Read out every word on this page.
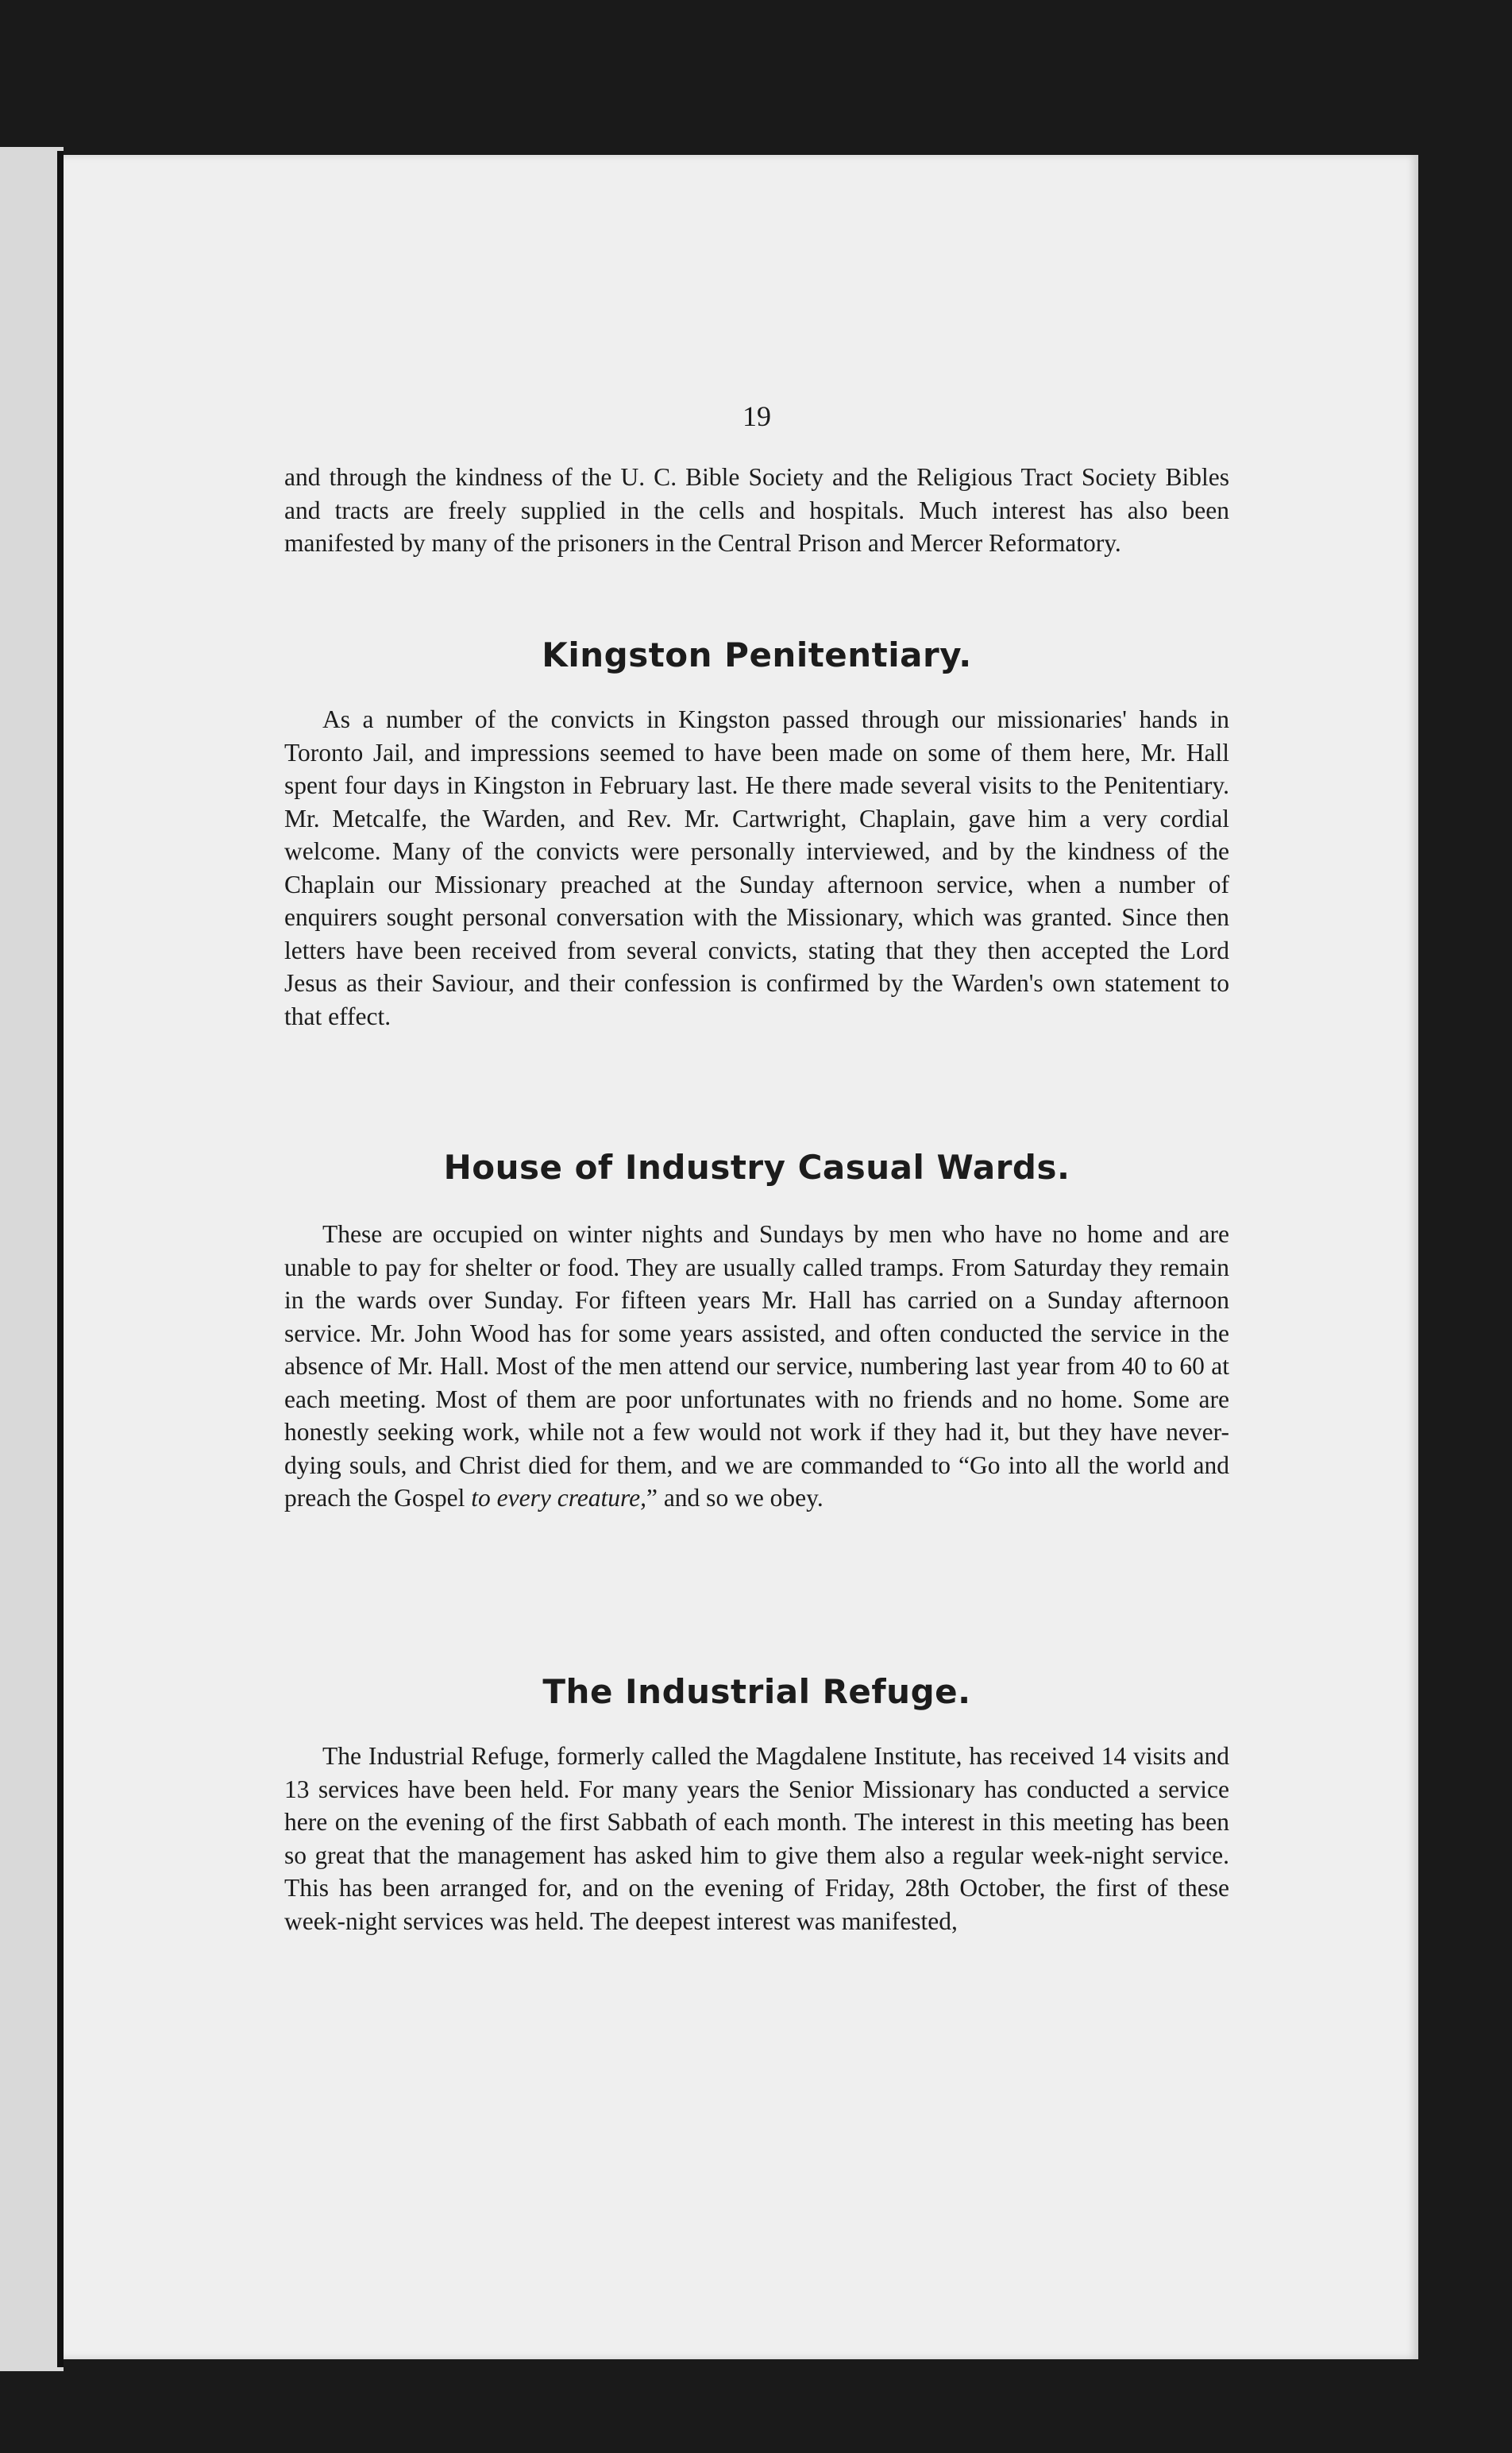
19

and through the kindness of the U. C. Bible Society and the Religious Tract Society Bibles and tracts are freely supplied in the cells and hospitals. Much interest has also been manifested by many of the prisoners in the Central Prison and Mercer Reformatory.

Kingston Penitentiary.

As a number of the convicts in Kingston passed through our missionaries' hands in Toronto Jail, and impressions seemed to have been made on some of them here, Mr. Hall spent four days in Kingston in February last. He there made several visits to the Penitentiary. Mr. Metcalfe, the Warden, and Rev. Mr. Cartwright, Chaplain, gave him a very cordial welcome. Many of the convicts were personally interviewed, and by the kindness of the Chaplain our Missionary preached at the Sunday afternoon service, when a number of enquirers sought personal conversation with the Missionary, which was granted. Since then letters have been received from several convicts, stating that they then accepted the Lord Jesus as their Saviour, and their confession is confirmed by the Warden's own statement to that effect.

House of Industry Casual Wards.

These are occupied on winter nights and Sundays by men who have no home and are unable to pay for shelter or food. They are usually called tramps. From Saturday they remain in the wards over Sunday. For fifteen years Mr. Hall has carried on a Sunday afternoon service. Mr. John Wood has for some years assisted, and often conducted the service in the absence of Mr. Hall. Most of the men attend our service, numbering last year from 40 to 60 at each meeting. Most of them are poor unfortunates with no friends and no home. Some are honestly seeking work, while not a few would not work if they had it, but they have never-dying souls, and Christ died for them, and we are commanded to “Go into all the world and preach the Gospel to every creature,” and so we obey.

The Industrial Refuge.

The Industrial Refuge, formerly called the Magdalene Institute, has received 14 visits and 13 services have been held. For many years the Senior Missionary has conducted a service here on the evening of the first Sabbath of each month. The interest in this meeting has been so great that the management has asked him to give them also a regular week-night service. This has been arranged for, and on the evening of Friday, 28th October, the first of these week-night services was held. The deepest interest was manifested,
